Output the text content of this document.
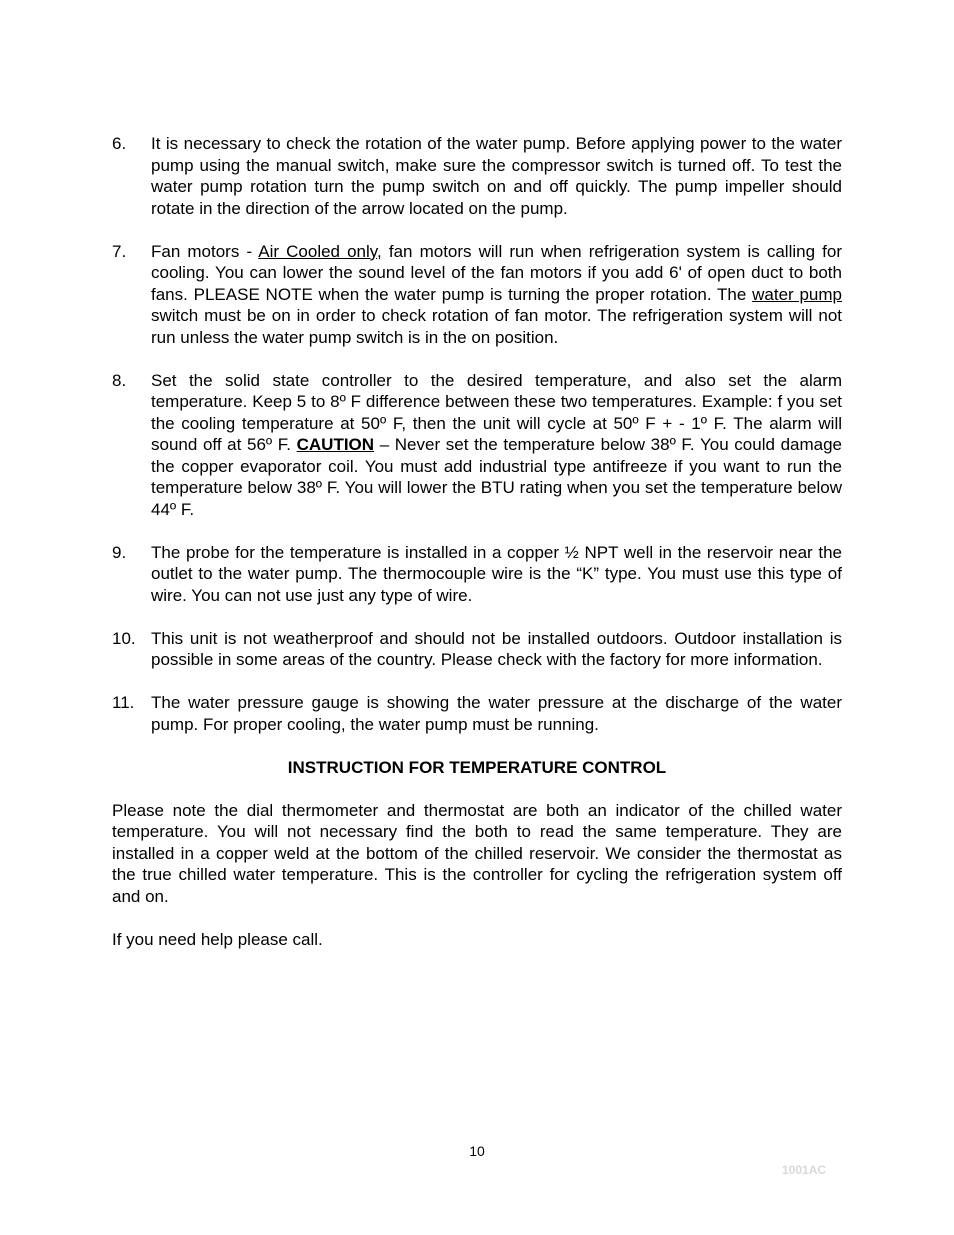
6.	It is necessary to check the rotation of the water pump. Before applying power to the water pump using the manual switch, make sure the compressor switch is turned off. To test the water pump rotation turn the pump switch on and off quickly. The pump impeller should rotate in the direction of the arrow located on the pump.
7.	Fan motors - Air Cooled only, fan motors will run when refrigeration system is calling for cooling. You can lower the sound level of the fan motors if you add 6' of open duct to both fans. PLEASE NOTE when the water pump is turning the proper rotation. The water pump switch must be on in order to check rotation of fan motor. The refrigeration system will not run unless the water pump switch is in the on position.
8.	Set the solid state controller to the desired temperature, and also set the alarm temperature. Keep 5 to 8º F difference between these two temperatures. Example: f you set the cooling temperature at 50º F, then the unit will cycle at 50º F + - 1º F. The alarm will sound off at 56º F. CAUTION – Never set the temperature below 38º F. You could damage the copper evaporator coil. You must add industrial type antifreeze if you want to run the temperature below 38º F. You will lower the BTU rating when you set the temperature below 44º F.
9.	The probe for the temperature is installed in a copper ½ NPT well in the reservoir near the outlet to the water pump. The thermocouple wire is the “K” type. You must use this type of wire. You can not use just any type of wire.
10. This unit is not weatherproof and should not be installed outdoors. Outdoor installation is possible in some areas of the country. Please check with the factory for more information.
11. The water pressure gauge is showing the water pressure at the discharge of the water pump. For proper cooling, the water pump must be running.
INSTRUCTION FOR TEMPERATURE CONTROL
Please note the dial thermometer and thermostat are both an indicator of the chilled water temperature. You will not necessary find the both to read the same temperature. They are installed in a copper weld at the bottom of the chilled reservoir. We consider the thermostat as the true chilled water temperature. This is the controller for cycling the refrigeration system off and on.
If you need help please call.
10
1001AC
